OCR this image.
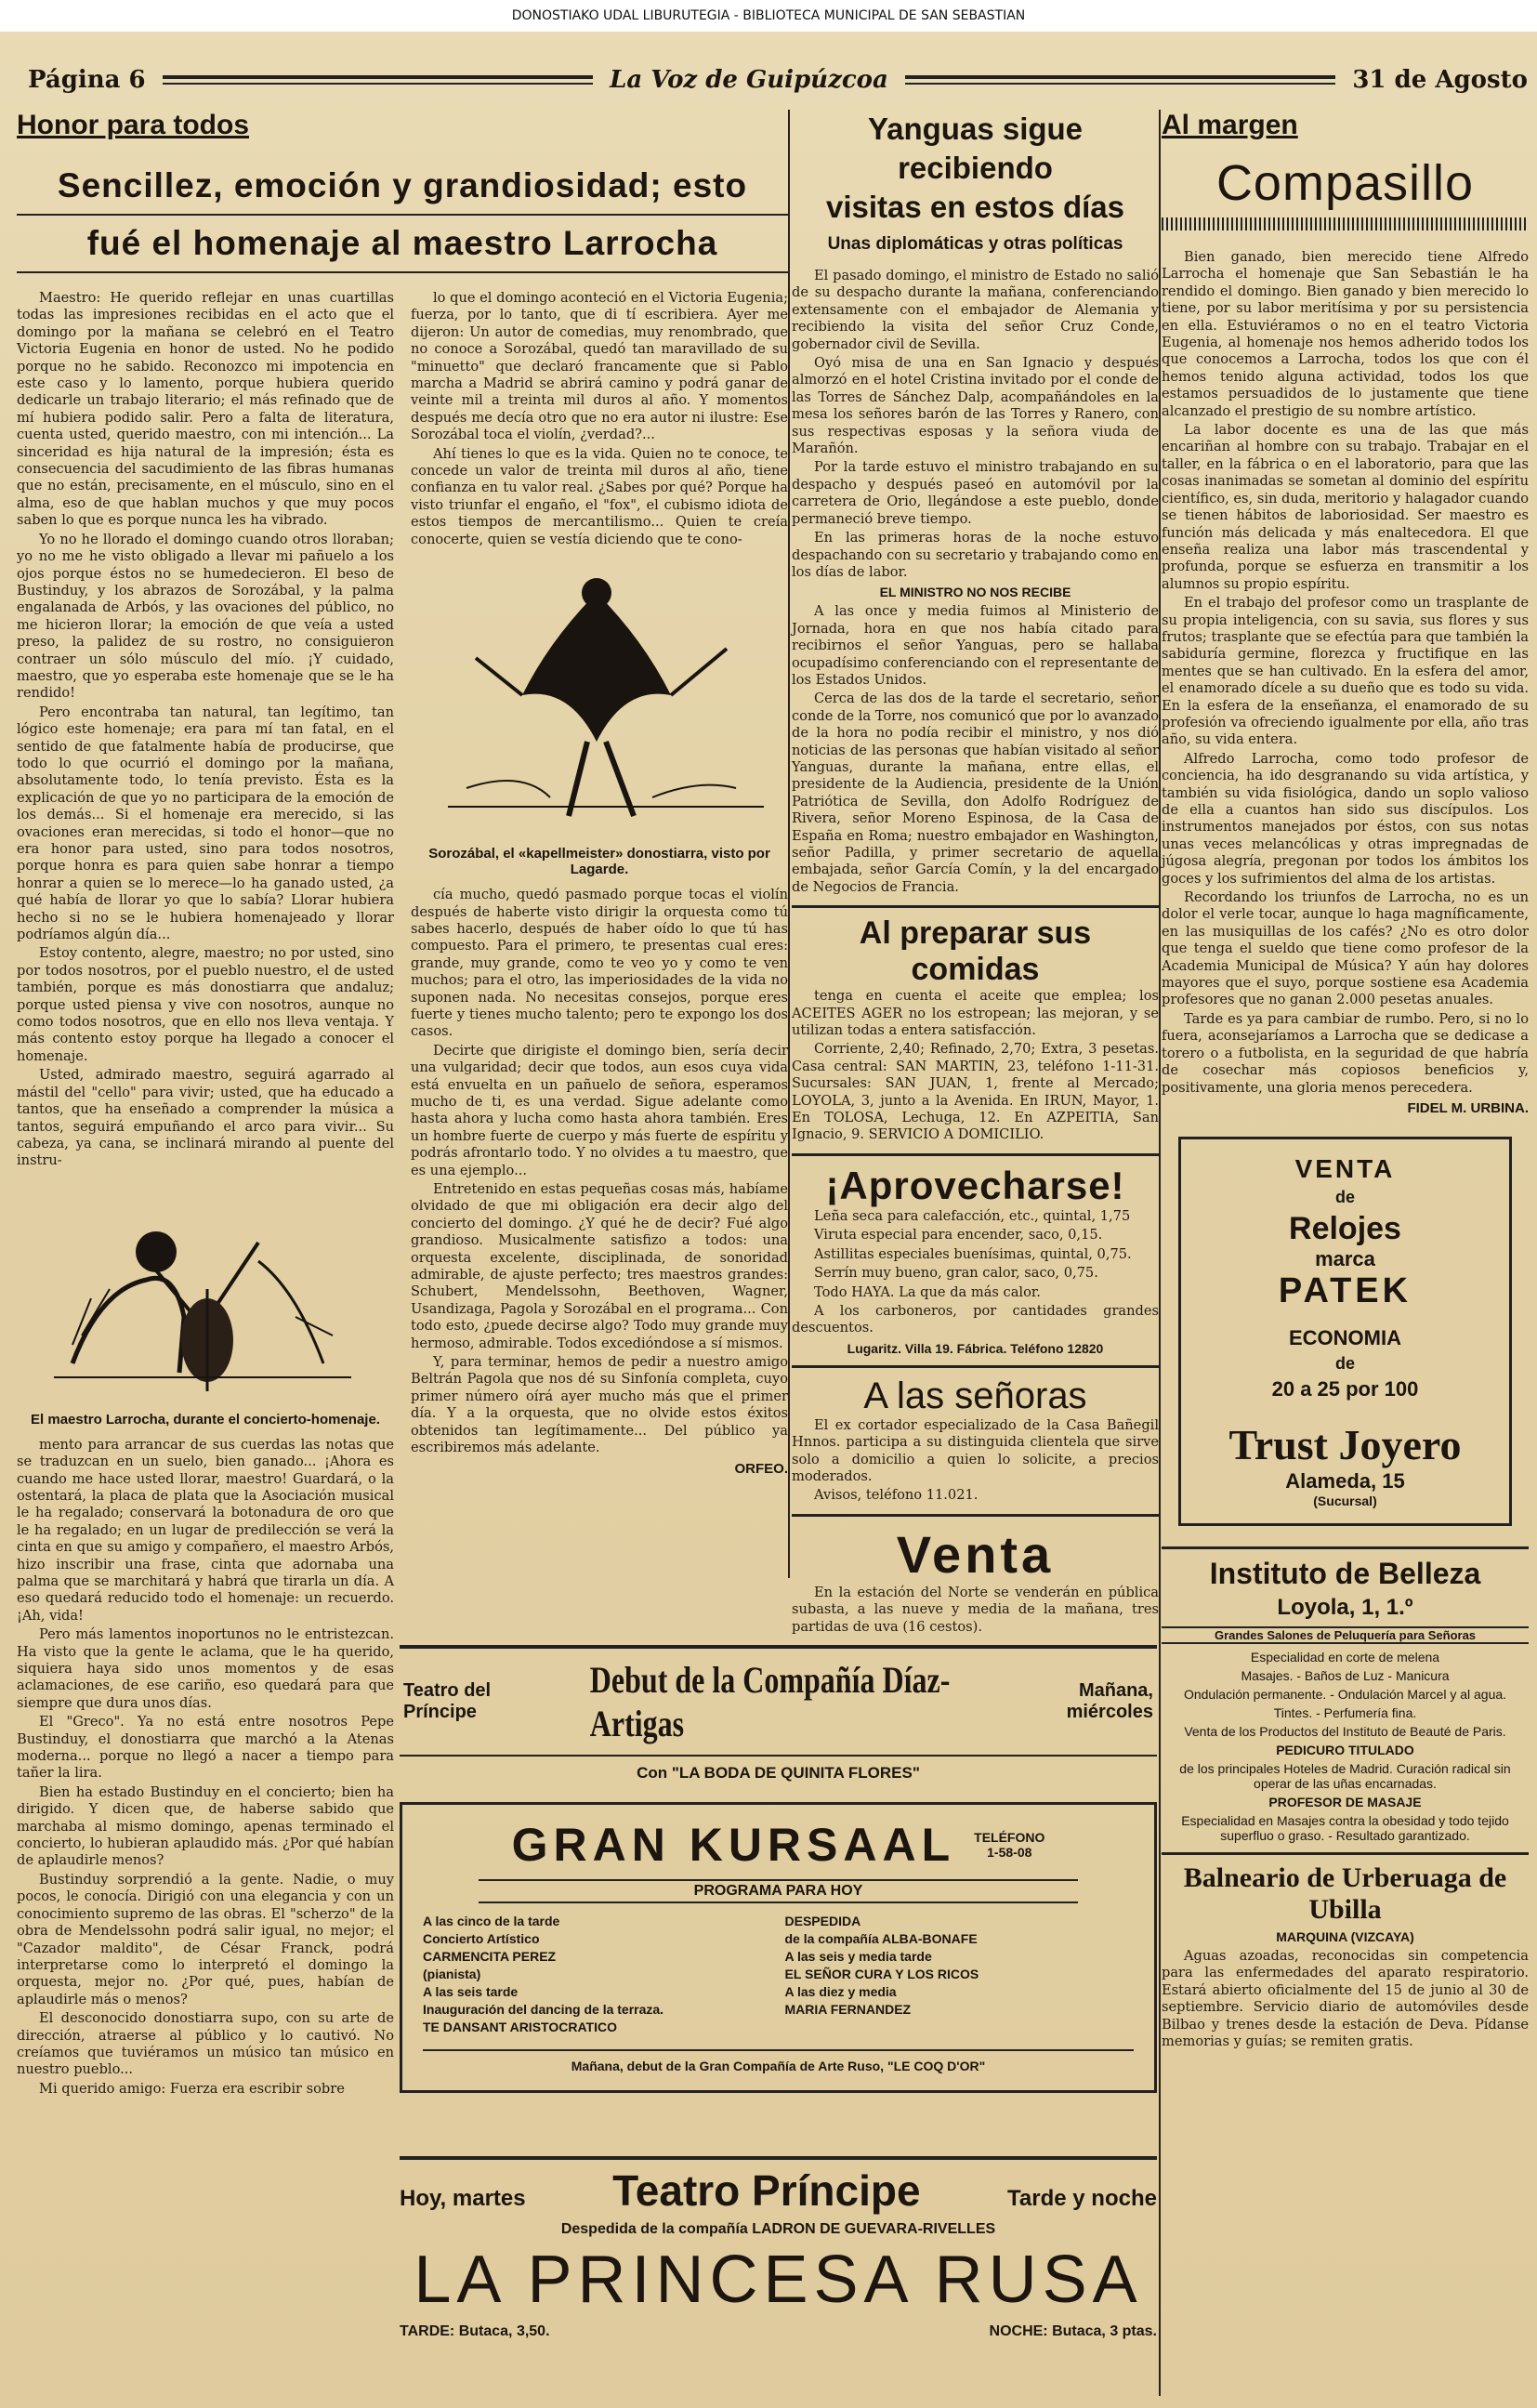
DONOSTIAKO UDAL LIBURUTEGIA - BIBLIOTECA MUNICIPAL DE SAN SEBASTIAN
Página 6	La Voz de Guipúzcoa	31 de Agosto
Honor para todos
Sencillez, emoción y grandiosidad; esto
fué el homenaje al maestro Larrocha

Maestro: He querido reflejar en unas cuartillas todas las impresiones recibidas en el acto que el domingo por la mañana se celebró en el Teatro Victoria Eugenia en honor de usted. No he podido porque no he sabido. Reconozco mi impotencia en este caso y lo lamento, porque hubiera querido dedicarle un trabajo literario; el más refinado que de mí hubiera podido salir. Pero a falta de literatura, cuenta usted, querido maestro, con mi intención... La sinceridad es hija natural de la impresión; ésta es consecuencia del sacudimiento de las fibras humanas que no están, precisamente, en el músculo, sino en el alma, eso de que hablan muchos y que muy pocos saben lo que es porque nunca les ha vibrado.

Yo no he llorado el domingo cuando otros lloraban; yo no me he visto obligado a llevar mi pañuelo a los ojos porque éstos no se humedecieron. El beso de Bustinduy, y los abrazos de Sorozábal, y la palma engalanada de Arbós, y las ovaciones del público, no me hicieron llorar; la emoción de que veía a usted preso, la palidez de su rostro, no consiguieron contraer un sólo músculo del mío. ¡Y cuidado, maestro, que yo esperaba este homenaje que se le ha rendido!

Pero encontraba tan natural, tan legítimo, tan lógico este homenaje; era para mí tan fatal, en el sentido de que fatalmente había de producirse, que todo lo que ocurrió el domingo por la mañana, absolutamente todo, lo tenía previsto. Ésta es la explicación de que yo no participara de la emoción de los demás... Si el homenaje era merecido, si las ovaciones eran merecidas, si todo el honor—que no era honor para usted, sino para todos nosotros, porque honra es para quien sabe honrar a tiempo honrar a quien se lo merece—lo ha ganado usted, ¿a qué había de llorar yo que lo sabía? Llorar hubiera hecho si no se le hubiera homenajeado y llorar podríamos algún día...

Estoy contento, alegre, maestro; no por usted, sino por todos nosotros, por el pueblo nuestro, el de usted también, porque es más donostiarra que andaluz; porque usted piensa y vive con nosotros, aunque no como todos nosotros, que en ello nos lleva ventaja. Y más contento estoy porque ha llegado a conocer el homenaje.

Usted, admirado maestro, seguirá agarrado al mástil del "cello" para vivir; usted, que ha educado a tantos, que ha enseñado a comprender la música a tantos, seguirá empuñando el arco para vivir... Su cabeza, ya cana, se inclinará mirando al puente del instru-

El maestro Larrocha, durante el concierto-homenaje.

mento para arrancar de sus cuerdas las notas que se traduzcan en un suelo, bien ganado... ¡Ahora es cuando me hace usted llorar, maestro! Guardará, o la ostentará, la placa de plata que la Asociación musical le ha regalado; conservará la botonadura de oro que le ha regalado; en un lugar de predilección se verá la cinta en que su amigo y compañero, el maestro Arbós, hizo inscribir una frase, cinta que adornaba una palma que se marchitará y habrá que tirarla un día. A eso quedará reducido todo el homenaje: un recuerdo. ¡Ah, vida!

Pero más lamentos inoportunos no le entristezcan. Ha visto que la gente le aclama, que le ha querido, siquiera haya sido unos momentos y de esas aclamaciones, de ese cariño, eso quedará para que siempre que dura unos días.

El "Greco". Ya no está entre nosotros Pepe Bustinduy, el donostiarra que marchó a la Atenas moderna... porque no llegó a nacer a tiempo para tañer la lira.

Bien ha estado Bustinduy en el concierto; bien ha dirigido. Y dicen que, de haberse sabido que marchaba al mismo domingo, apenas terminado el concierto, lo hubieran aplaudido más. ¿Por qué habían de aplaudirle menos?

Bustinduy sorprendió a la gente. Nadie, o muy pocos, le conocía. Dirigió con una elegancia y con un conocimiento supremo de las obras. El "scherzo" de la obra de Mendelssohn podrá salir igual, no mejor; el "Cazador maldito", de César Franck, podrá interpretarse como lo interpretó el domingo la orquesta, mejor no. ¿Por qué, pues, habían de aplaudirle más o menos?

El desconocido donostiarra supo, con su arte de dirección, atraerse al público y lo cautivó. No creíamos que tuviéramos un músico tan músico en nuestro pueblo...

Mi querido amigo: Fuerza era escribir sobre

lo que el domingo aconteció en el Victoria Eugenia; fuerza, por lo tanto, que di tí escribiera. Ayer me dijeron: Un autor de comedias, muy renombrado, que no conoce a Sorozábal, quedó tan maravillado de su "minuetto" que declaró francamente que si Pablo marcha a Madrid se abrirá camino y podrá ganar de veinte mil a treinta mil duros al año. Y momentos después me decía otro que no era autor ni ilustre: Ese Sorozábal toca el violín, ¿verdad?...

Ahí tienes lo que es la vida. Quien no te conoce, te concede un valor de treinta mil duros al año, tiene confianza en tu valor real. ¿Sabes por qué? Porque ha visto triunfar el engaño, el "fox", el cubismo idiota de estos tiempos de mercantilismo... Quien te creía conocerte, quien se vestía diciendo que te cono-

Sorozábal, el «kapellmeister» donostiarra, visto por Lagarde.

cía mucho, quedó pasmado porque tocas el violín después de haberte visto dirigir la orquesta como tú sabes hacerlo, después de haber oído lo que tú has compuesto. Para el primero, te presentas cual eres: grande, muy grande, como te veo yo y como te ven muchos; para el otro, las imperiosidades de la vida no suponen nada. No necesitas consejos, porque eres fuerte y tienes mucho talento; pero te expongo los dos casos.

Decirte que dirigiste el domingo bien, sería decir una vulgaridad; decir que todos, aun esos cuya vida está envuelta en un pañuelo de señora, esperamos mucho de ti, es una verdad. Sigue adelante como hasta ahora y lucha como hasta ahora también. Eres un hombre fuerte de cuerpo y más fuerte de espíritu y podrás afrontarlo todo. Y no olvides a tu maestro, que es una ejemplo...

Entretenido en estas pequeñas cosas más, habíame olvidado de que mi obligación era decir algo del concierto del domingo. ¿Y qué he de decir? Fué algo grandioso. Musicalmente satisfizo a todos: una orquesta excelente, disciplinada, de sonoridad admirable, de ajuste perfecto; tres maestros grandes: Schubert, Mendelssohn, Beethoven, Wagner, Usandizaga, Pagola y Sorozábal en el programa... Con todo esto, ¿puede decirse algo? Todo muy grande muy hermoso, admirable. Todos excedióndose a sí mismos.

Y, para terminar, hemos de pedir a nuestro amigo Beltrán Pagola que nos dé su Sinfonía completa, cuyo primer número oírá ayer mucho más que el primer día. Y a la orquesta, que no olvide estos éxitos obtenidos tan legítimamente... Del público ya escribiremos más adelante.

ORFEO.
Yanguas sigue recibiendo
visitas en estos días
Unas diplomáticas y otras políticas

El pasado domingo, el ministro de Estado no salió de su despacho durante la mañana, conferenciando extensamente con el embajador de Alemania y recibiendo la visita del señor Cruz Conde, gobernador civil de Sevilla.

Oyó misa de una en San Ignacio y después almorzó en el hotel Cristina invitado por el conde de las Torres de Sánchez Dalp, acompañándoles en la mesa los señores barón de las Torres y Ranero, con sus respectivas esposas y la señora viuda de Marañón.

Por la tarde estuvo el ministro trabajando en su despacho y después paseó en automóvil por la carretera de Orio, llegándose a este pueblo, donde permaneció breve tiempo.

En las primeras horas de la noche estuvo despachando con su secretario y trabajando como en los días de labor.

EL MINISTRO NO NOS RECIBE

A las once y media fuimos al Ministerio de Jornada, hora en que nos había citado para recibirnos el señor Yanguas, pero se hallaba ocupadísimo conferenciando con el representante de los Estados Unidos.

Cerca de las dos de la tarde el secretario, señor conde de la Torre, nos comunicó que por lo avanzado de la hora no podía recibir el ministro, y nos dió noticias de las personas que habían visitado al señor Yanguas, durante la mañana, entre ellas, el presidente de la Audiencia, presidente de la Unión Patriótica de Sevilla, don Adolfo Rodríguez de Rivera, señor Moreno Espinosa, de la Casa de España en Roma; nuestro embajador en Washington, señor Padilla, y primer secretario de aquella embajada, señor García Comín, y la del encargado de Negocios de Francia.

Al preparar sus comidas

tenga en cuenta el aceite que emplea; los ACEITES AGER no los estropean; las mejoran, y se utilizan todas a entera satisfacción.

Corriente, 2,40; Refinado, 2,70; Extra, 3 pesetas. Casa central: SAN MARTIN, 23, teléfono 1-11-31. Sucursales: SAN JUAN, 1, frente al Mercado; LOYOLA, 3, junto a la Avenida. En IRUN, Mayor, 1. En TOLOSA, Lechuga, 12. En AZPEITIA, San Ignacio, 9. SERVICIO A DOMICILIO.

¡Aprovecharse!

Leña seca para calefacción, etc., quintal, 1,75

Viruta especial para encender, saco, 0,15.

Astillitas especiales buenísimas, quintal, 0,75.

Serrín muy bueno, gran calor, saco, 0,75.

Todo HAYA. La que da más calor.

A los carboneros, por cantidades grandes descuentos.

Lugaritz. Villa 19. Fábrica. Teléfono 12820
A las señoras

El ex cortador especializado de la Casa Bañegil Hnnos. participa a su distinguida clientela que sirve solo a domicilio a quien lo solicite, a precios moderados.

Avisos, teléfono 11.021.

Venta

En la estación del Norte se venderán en pública subasta, a las nueve y media de la mañana, tres partidas de uva (16 cestos).

Teatro del Príncipe
Debut de la Compañía Díaz-Artigas
Mañana, miércoles
Con "LA BODA DE QUINITA FLORES"
GRAN KURSAAL TELÉFONO
1-58-08
PROGRAMA PARA HOY
A las cinco de la tarde
Concierto Artístico
CARMENCITA PEREZ
(pianista)
A las seis tarde
Inauguración del dancing de la terraza.
TE DANSANT ARISTOCRATICO
DESPEDIDA
de la compañía ALBA-BONAFE
A las seis y media tarde
EL SEÑOR CURA Y LOS RICOS
A las diez y media
MARIA FERNANDEZ
Mañana, debut de la Gran Compañía de Arte Ruso, "LE COQ D'OR"
Hoy, martes Teatro Príncipe	Tarde y noche
Despedida de la compañía LADRON DE GUEVARA-RIVELLES
LA PRINCESA RUSA
TARDE: Butaca, 3,50.	NOCHE: Butaca, 3 ptas.
Al margen
Compasillo

Bien ganado, bien merecido tiene Alfredo Larrocha el homenaje que San Sebastián le ha rendido el domingo. Bien ganado y bien merecido lo tiene, por su labor meritísima y por su persistencia en ella. Estuviéramos o no en el teatro Victoria Eugenia, al homenaje nos hemos adherido todos los que conocemos a Larrocha, todos los que con él hemos tenido alguna actividad, todos los que estamos persuadidos de lo justamente que tiene alcanzado el prestigio de su nombre artístico.

La labor docente es una de las que más encariñan al hombre con su trabajo. Trabajar en el taller, en la fábrica o en el laboratorio, para que las cosas inanimadas se sometan al dominio del espíritu científico, es, sin duda, meritorio y halagador cuando se tienen hábitos de laboriosidad. Ser maestro es función más delicada y más enaltecedora. El que enseña realiza una labor más trascendental y profunda, porque se esfuerza en transmitir a los alumnos su propio espíritu.

En el trabajo del profesor como un trasplante de su propia inteligencia, con su savia, sus flores y sus frutos; trasplante que se efectúa para que también la sabiduría germine, florezca y fructifique en las mentes que se han cultivado. En la esfera del amor, el enamorado dícele a su dueño que es todo su vida. En la esfera de la enseñanza, el enamorado de su profesión va ofreciendo igualmente por ella, año tras año, su vida entera.

Alfredo Larrocha, como todo profesor de conciencia, ha ido desgranando su vida artística, y también su vida fisiológica, dando un soplo valioso de ella a cuantos han sido sus discípulos. Los instrumentos manejados por éstos, con sus notas unas veces melancólicas y otras impregnadas de júgosa alegría, pregonan por todos los ámbitos los goces y los sufrimientos del alma de los artistas.

Recordando los triunfos de Larrocha, no es un dolor el verle tocar, aunque lo haga magníficamente, en las musiquillas de los cafés? ¿No es otro dolor que tenga el sueldo que tiene como profesor de la Academia Municipal de Música? Y aún hay dolores mayores que el suyo, porque sostiene esa Academia profesores que no ganan 2.000 pesetas anuales.

Tarde es ya para cambiar de rumbo. Pero, si no lo fuera, aconsejaríamos a Larrocha que se dedicase a torero o a futbolista, en la seguridad de que habría de cosechar más copiosos beneficios y, positivamente, una gloria menos perecedera.

FIDEL M. URBINA.
VENTA
de
Relojes
marca
PATEK
ECONOMIA
de
20 a 25 por 100
Trust Joyero
Alameda, 15
(Sucursal)
Instituto de Belleza
Loyola, 1, 1.º
Grandes Salones de Peluquería para Señoras
Especialidad en corte de melena
Masajes. - Baños de Luz - Manicura
Ondulación permanente. - Ondulación Marcel y al agua.
Tintes. - Perfumería fina.
Venta de los Productos del Instituto de Beauté de Paris.
PEDICURO TITULADO
de los principales Hoteles de Madrid. Curación radical sin operar de las uñas encarnadas.
PROFESOR DE MASAJE
Especialidad en Masajes contra la obesidad y todo tejido superfluo o graso. - Resultado garantizado.
Balneario de Urberuaga de Ubilla
MARQUINA (VIZCAYA)

Aguas azoadas, reconocidas sin competencia para las enfermedades del aparato respiratorio. Estará abierto oficialmente del 15 de junio al 30 de septiembre. Servicio diario de automóviles desde Bilbao y trenes desde la estación de Deva. Pídanse memorias y guías; se remiten gratis.
